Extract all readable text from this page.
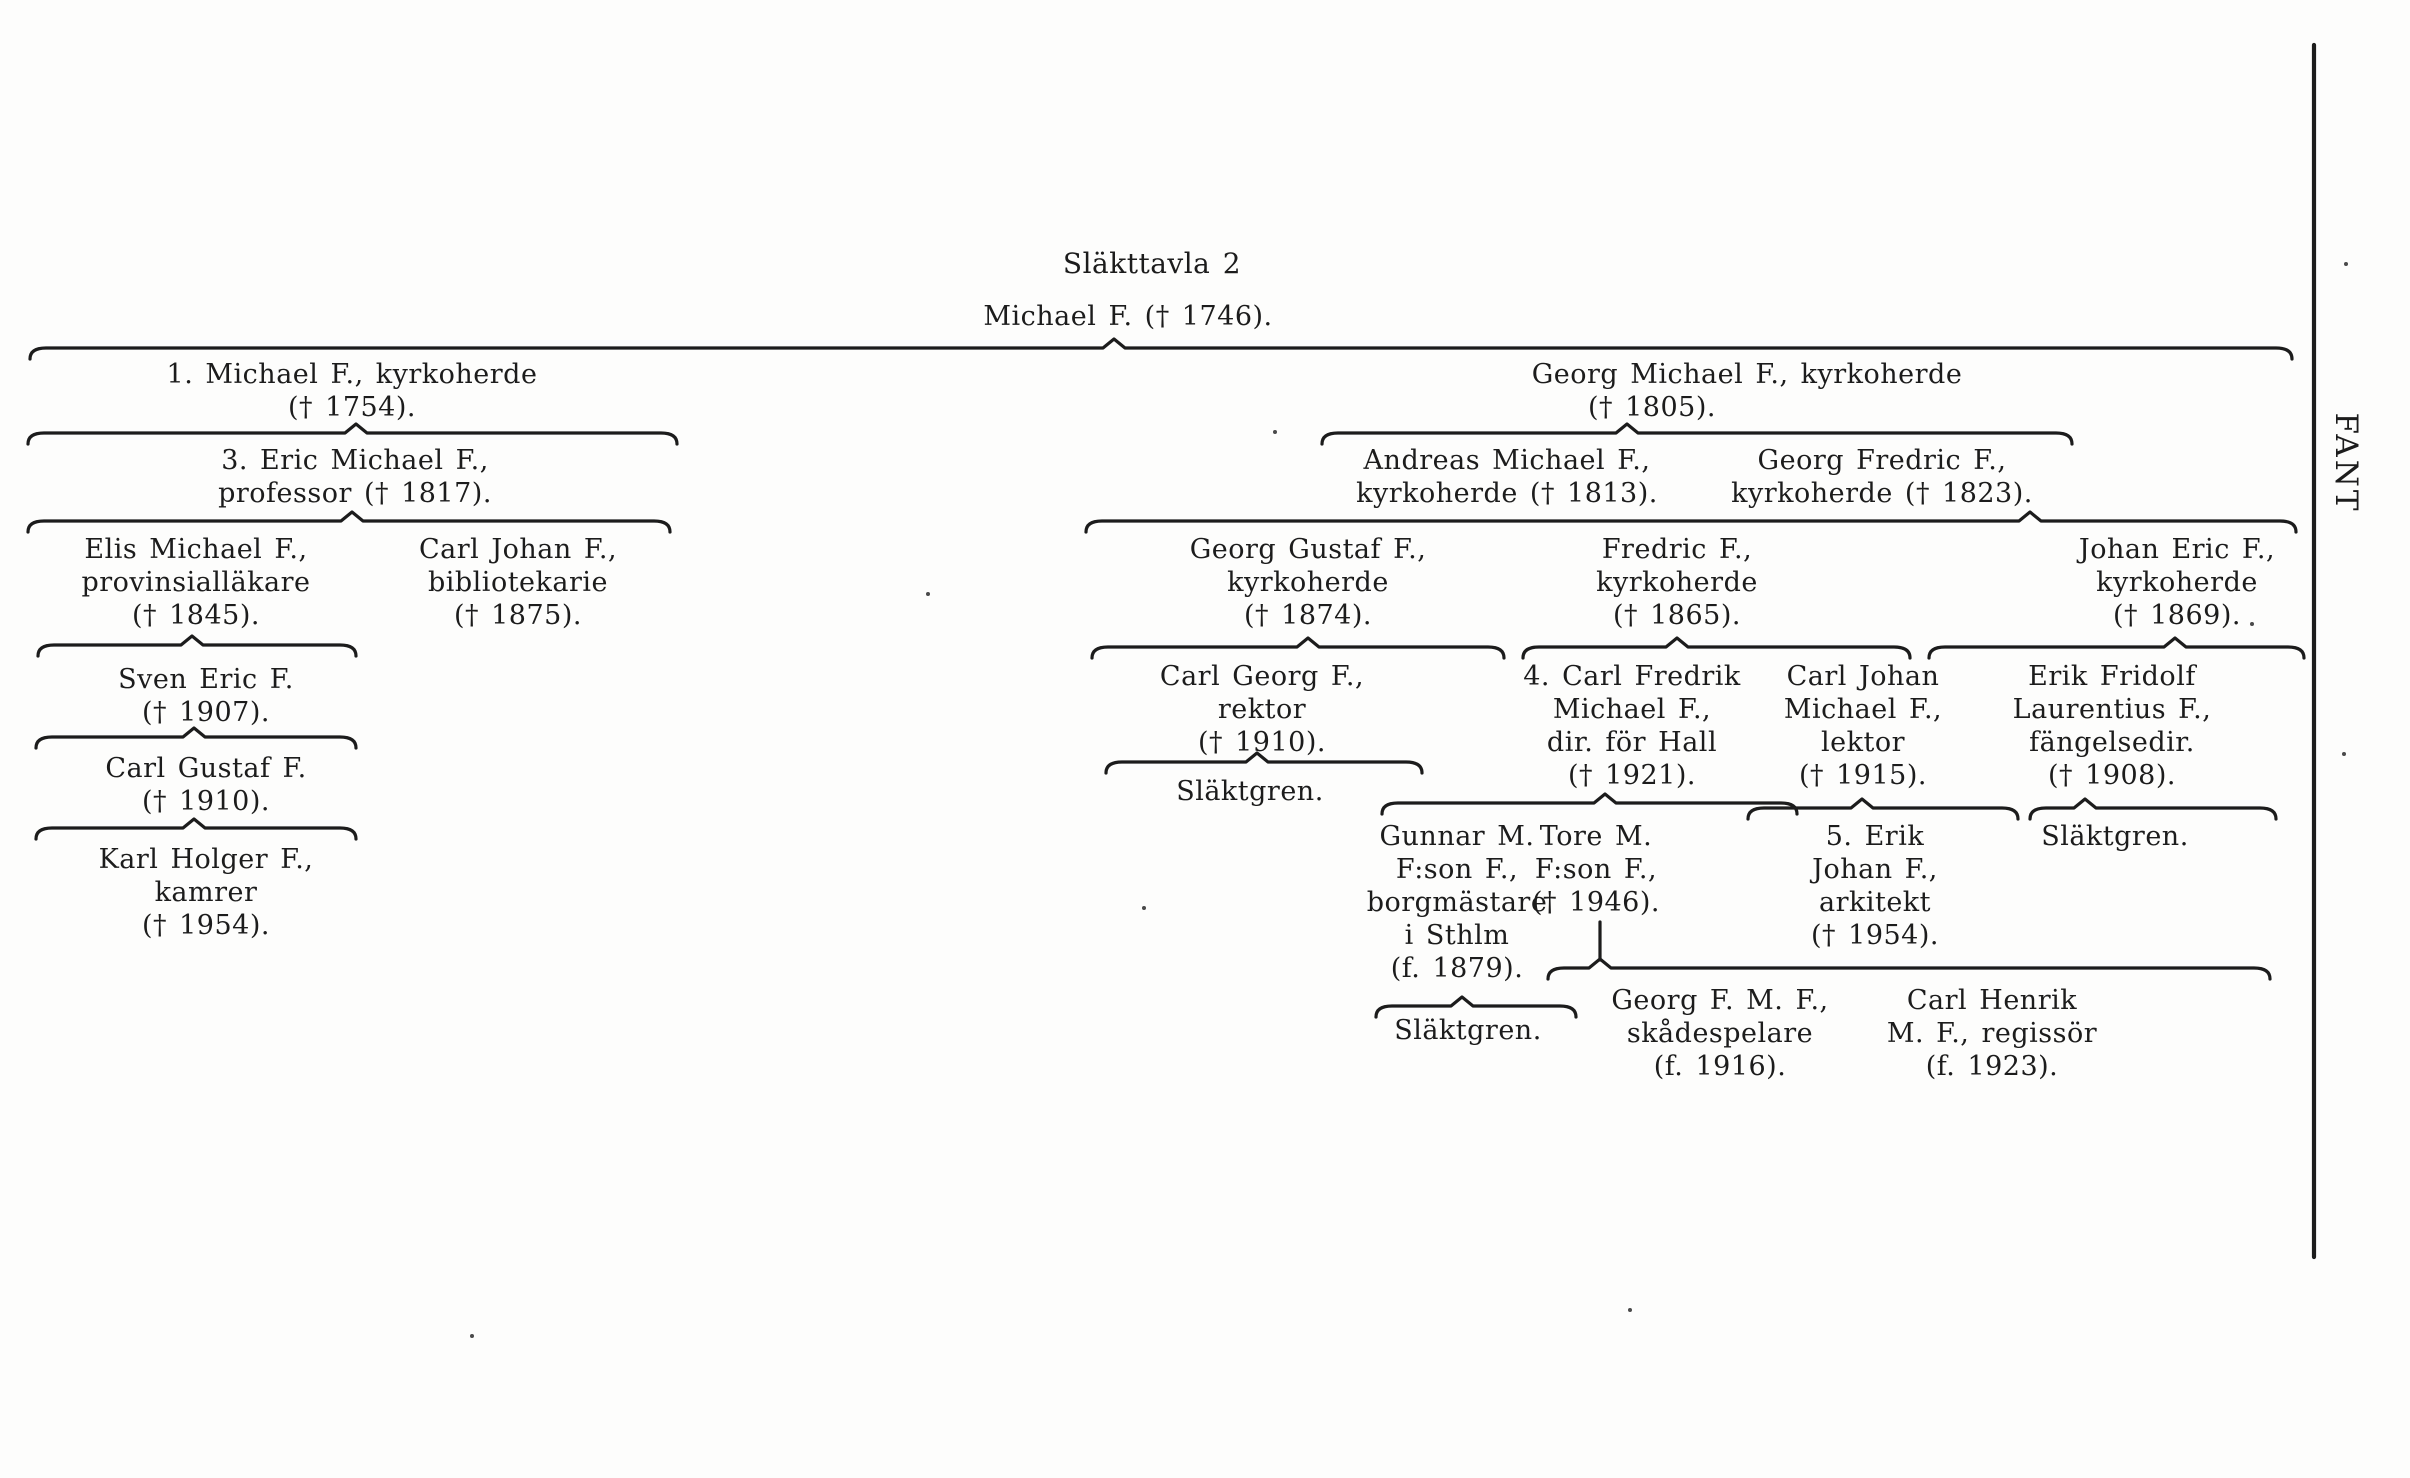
Släkttavla 2
Michael F. († 1746).
1. Michael F., kyrkoherde
(† 1754).
3. Eric Michael F.,
professor († 1817).
Elis Michael F.,
provinsialläkare
(† 1845).
Carl Johan F.,
bibliotekarie
(† 1875).
Sven Eric F.
(† 1907).
Carl Gustaf F.
(† 1910).
Karl Holger F.,
kamrer
(† 1954).
Georg Michael F., kyrkoherde
(† 1805).
Andreas Michael F.,
kyrkoherde († 1813).
Georg Fredric F.,
kyrkoherde († 1823).
Georg Gustaf F.,
kyrkoherde
(† 1874).
Fredric F.,
kyrkoherde
(† 1865).
Johan Eric F.,
kyrkoherde
(† 1869).
Carl Georg F.,
rektor
(† 1910).
Släktgren.
4. Carl Fredrik
Michael F.,
dir. för Hall
(† 1921).
Carl Johan
Michael F.,
lektor
(† 1915).
Erik Fridolf
Laurentius F.,
fängelsedir.
(† 1908).
Gunnar M.
F:son F.,
borgmästare
i Sthlm
(f. 1879).
Tore M.
F:son F.,
(† 1946).
5. Erik
Johan F.,
arkitekt
(† 1954).
Släktgren.
Släktgren.
Georg F. M. F.,
skådespelare
(f. 1916).
Carl Henrik
M. F., regissör
(f. 1923).
FANT
